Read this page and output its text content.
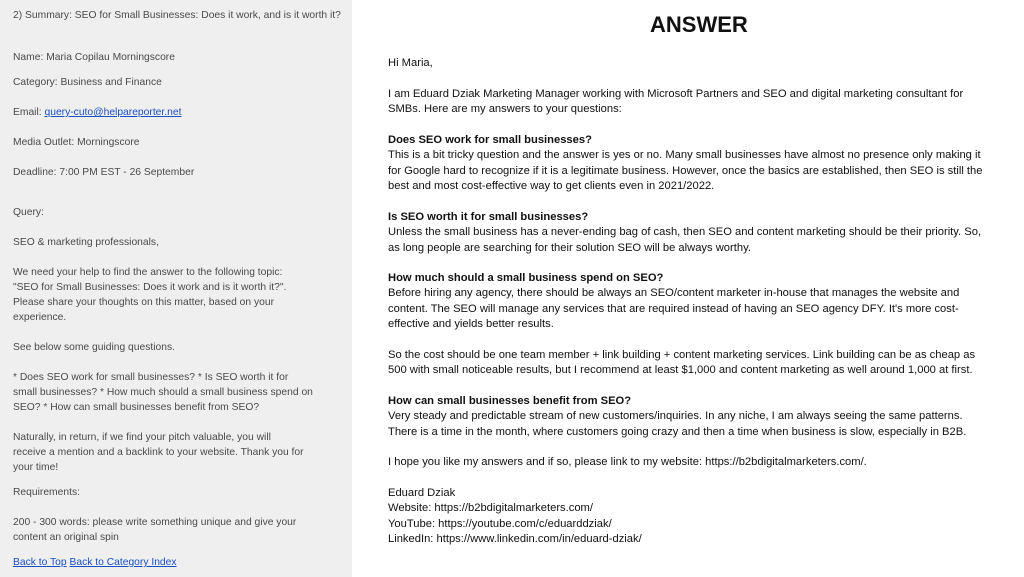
2) Summary: SEO for Small Businesses: Does it work, and is it worth it?
Name: Maria Copilau Morningscore
Category: Business and Finance
Email: query-cuto@helpareporter.net
Media Outlet: Morningscore
Deadline: 7:00 PM EST - 26 September
Query:
SEO & marketing professionals,
We need your help to find the answer to the following topic:
"SEO for Small Businesses: Does it work and is it worth it?".
Please share your thoughts on this matter, based on your
experience.
See below some guiding questions.
* Does SEO work for small businesses? * Is SEO worth it for
small businesses? * How much should a small business spend on
SEO? * How can small businesses benefit from SEO?
Naturally, in return, if we find your pitch valuable, you will
receive a mention and a backlink to your website. Thank you for
your time!
Requirements:
200 - 300 words: please write something unique and give your
content an original spin
Back to Top Back to Category Index
ANSWER
Hi Maria,
I am Eduard Dziak Marketing Manager working with Microsoft Partners and SEO and digital marketing consultant for
SMBs. Here are my answers to your questions:
Does SEO work for small businesses?
This is a bit tricky question and the answer is yes or no. Many small businesses have almost no presence only making it
for Google hard to recognize if it is a legitimate business. However, once the basics are established, then SEO is still the
best and most cost-effective way to get clients even in 2021/2022.
Is SEO worth it for small businesses?
Unless the small business has a never-ending bag of cash, then SEO and content marketing should be their priority. So,
as long people are searching for their solution SEO will be always worthy.
How much should a small business spend on SEO?
Before hiring any agency, there should be always an SEO/content marketer in-house that manages the website and
content. The SEO will manage any services that are required instead of having an SEO agency DFY. It's more cost-
effective and yields better results.
So the cost should be one team member + link building + content marketing services. Link building can be as cheap as
500 with small noticeable results, but I recommend at least $1,000 and content marketing as well around 1,000 at first.
How can small businesses benefit from SEO?
Very steady and predictable stream of new customers/inquiries. In any niche, I am always seeing the same patterns.
There is a time in the month, where customers going crazy and then a time when business is slow, especially in B2B.
I hope you like my answers and if so, please link to my website: https://b2bdigitalmarketers.com/.
Eduard Dziak
Website: https://b2bdigitalmarketers.com/
YouTube: https://youtube.com/c/eduarddziak/
LinkedIn: https://www.linkedin.com/in/eduard-dziak/
